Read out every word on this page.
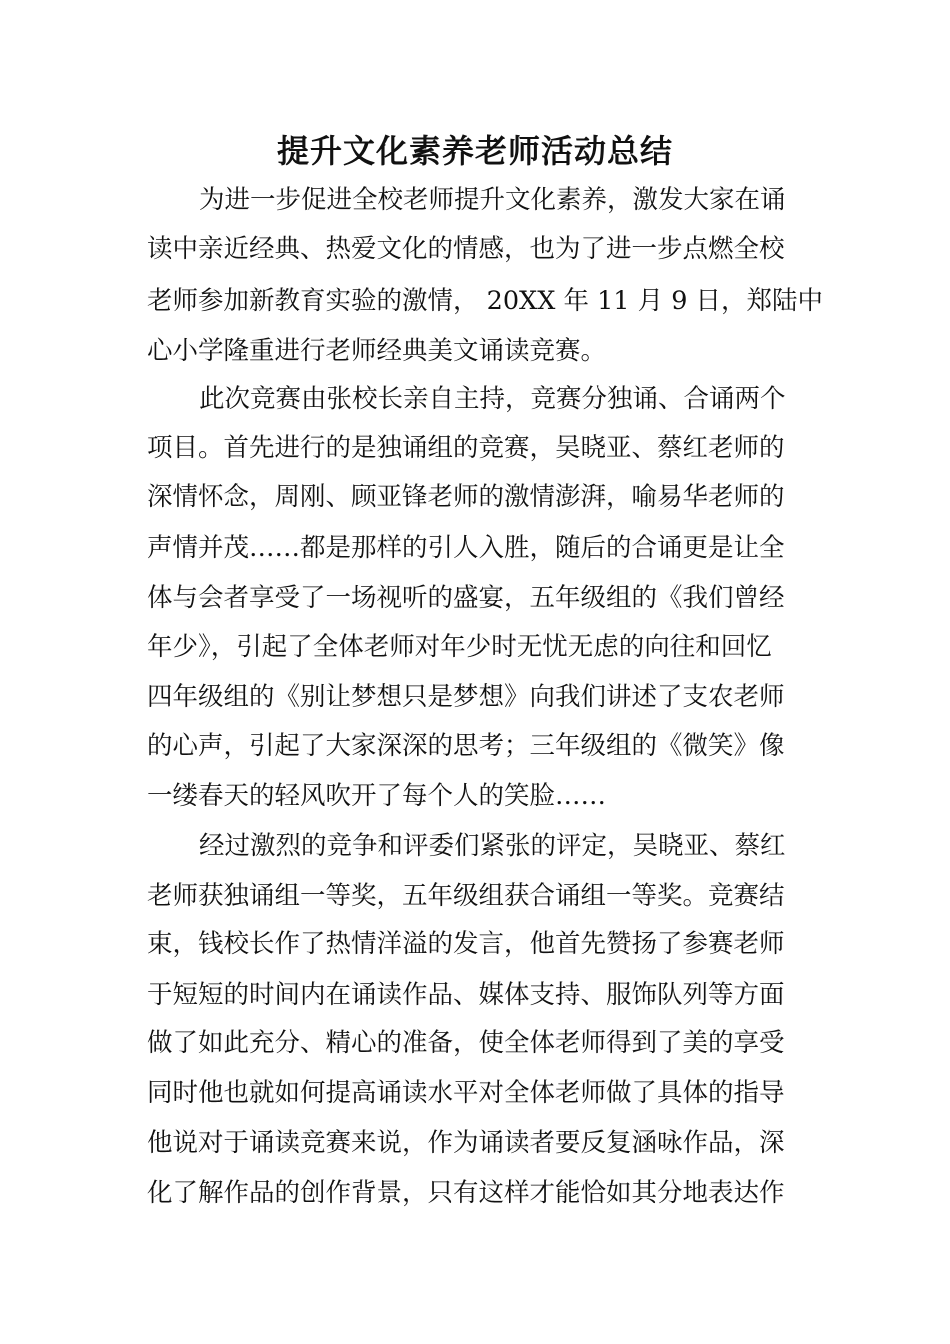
提升文化素养老师活动总结
为进一步促进全校老师提升文化素养，激发大家在诵
读中亲近经典、热爱文化的情感，也为了进一步点燃全校
老师参加新教育实验的激情， 20XX 年 11 月 9 日，郑陆中
心小学隆重进行老师经典美文诵读竞赛。
此次竞赛由张校长亲自主持，竞赛分独诵、合诵两个
项目。首先进行的是独诵组的竞赛，吴晓亚、蔡红老师的
深情怀念，周刚、顾亚锋老师的激情澎湃，喻易华老师的
声情并茂……都是那样的引人入胜，随后的合诵更是让全
体与会者享受了一场视听的盛宴，五年级组的《我们曾经
年少》，引起了全体老师对年少时无忧无虑的向往和回忆
四年级组的《别让梦想只是梦想》向我们讲述了支农老师
的心声，引起了大家深深的思考；三年级组的《微笑》像
一缕春天的轻风吹开了每个人的笑脸……
经过激烈的竞争和评委们紧张的评定，吴晓亚、蔡红
老师获独诵组一等奖，五年级组获合诵组一等奖。竞赛结
束，钱校长作了热情洋溢的发言，他首先赞扬了参赛老师
于短短的时间内在诵读作品、媒体支持、服饰队列等方面
做了如此充分、精心的准备，使全体老师得到了美的享受
同时他也就如何提高诵读水平对全体老师做了具体的指导
他说对于诵读竞赛来说，作为诵读者要反复涵咏作品，深
化了解作品的创作背景，只有这样才能恰如其分地表达作
